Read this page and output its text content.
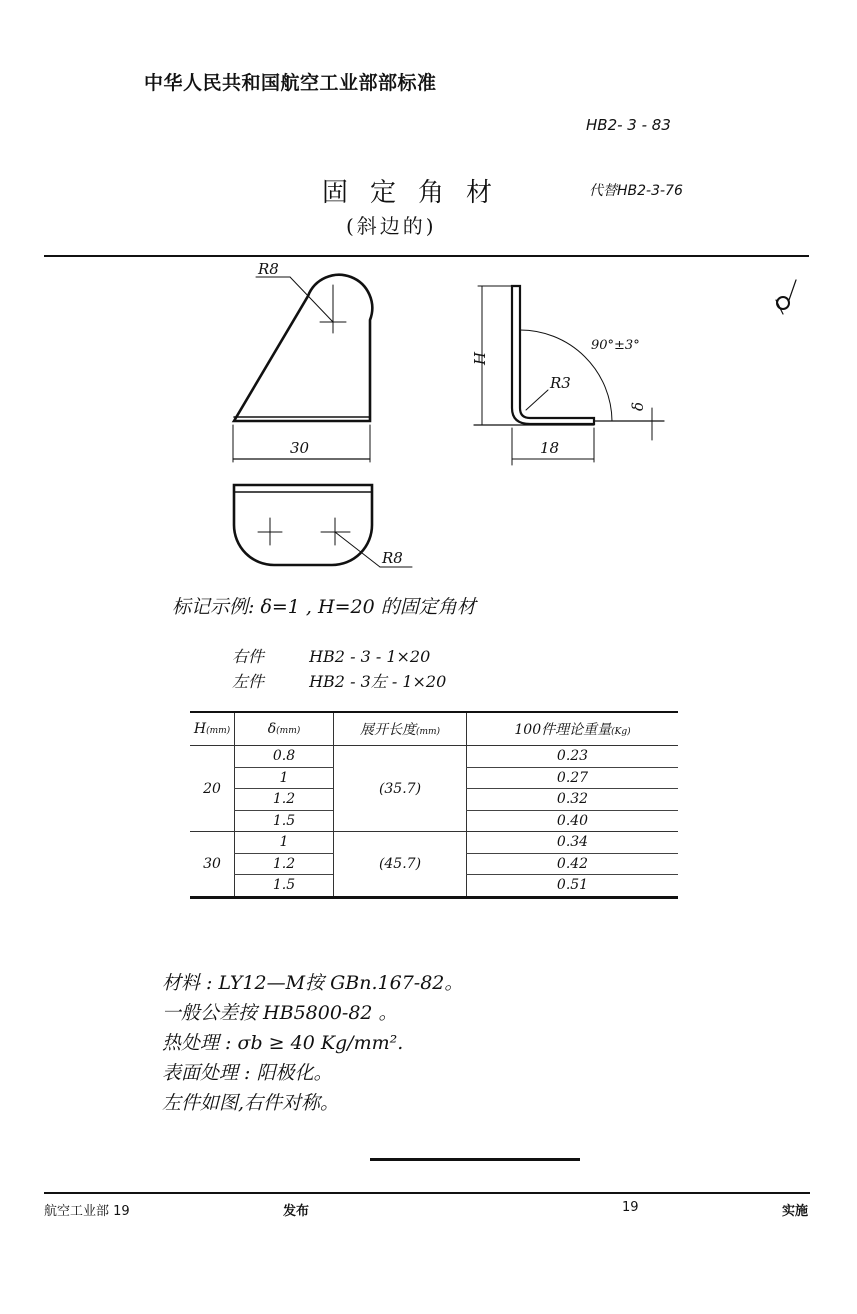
中华人民共和国航空工业部部标准
HB2- 3 - 83
固定角材
(斜边的)
代替HB2-3-76
R8
30
R8
H
R3
90°±3°
18
δ
标记示例: δ=1 , H=20 的固定角材
右件	HB2 - 3 - 1×20
左件	HB2 - 3左 - 1×20
H(mm)	δ(mm)	展开长度(mm)	100件理论重量(Kg)
20	0.8	(35.7)	0.23
	1		0.27
	1.2		0.32
	1.5		0.40
30	1	(45.7)	0.34
	1.2		0.42
	1.5		0.51
材料 : LY12—M按 GBn.167-82。
一般公差按 HB5800-82 。
热处理 : σb ≥ 40 Kg/mm².
表面处理 : 阳极化。
左件如图,右件对称。
航空工业部 19	发布	19	实施
